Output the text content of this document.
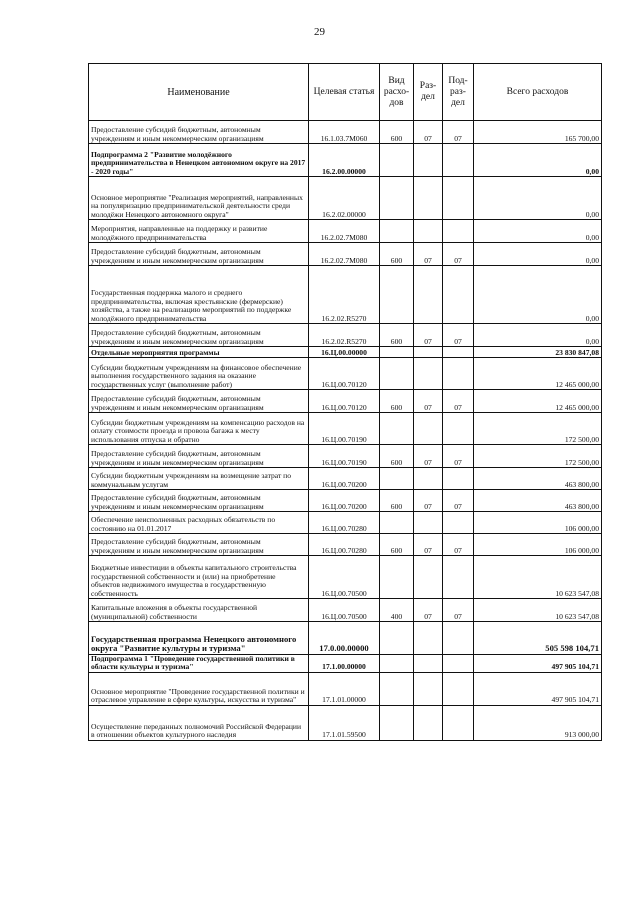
29
Наименование	Целевая статья	Вид расхо-дов	Раз-дел	Под-раз-дел	Всего расходов
Предоставление субсидий бюджетным, автономным учреждениям и иным некоммерческим организациям	16.1.03.7М060	600	07	07	165 700,00
Подпрограмма 2 "Развитие молодёжного предпринимательства в Ненецком автономном округе на 2017 - 2020 годы"	16.2.00.00000				0,00
Основное мероприятие "Реализация мероприятий, направленных на популяризацию предпринимательской деятельности среди молодёжи Ненецкого автономного округа"	16.2.02.00000				0,00
Мероприятия, направленные на поддержку и развитие молодёжного предпринимательства	16.2.02.7М080				0,00
Предоставление субсидий бюджетным, автономным учреждениям и иным некоммерческим организациям	16.2.02.7М080	600	07	07	0,00
Государственная поддержка малого и среднего предпринимательства, включая крестьянские (фермерские) хозяйства, а также на реализацию мероприятий по поддержке молодёжного предпринимательства	16.2.02.R5270				0,00
Предоставление субсидий бюджетным, автономным учреждениям и иным некоммерческим организациям	16.2.02.R5270	600	07	07	0,00
Отдельные мероприятия программы	16.Ц.00.00000				23 830 847,08
Субсидии бюджетным учреждениям на финансовое обеспечение выполнения государственного задания на оказание государственных услуг (выполнение работ)	16.Ц.00.70120				12 465 000,00
Предоставление субсидий бюджетным, автономным учреждениям и иным некоммерческим организациям	16.Ц.00.70120	600	07	07	12 465 000,00
Субсидии бюджетным учреждениям на компенсацию расходов на оплату стоимости проезда и провоза багажа к месту использования отпуска и обратно	16.Ц.00.70190				172 500,00
Предоставление субсидий бюджетным, автономным учреждениям и иным некоммерческим организациям	16.Ц.00.70190	600	07	07	172 500,00
Субсидии бюджетным учреждениям на возмещение затрат по коммунальным услугам	16.Ц.00.70200				463 800,00
Предоставление субсидий бюджетным, автономным учреждениям и иным некоммерческим организациям	16.Ц.00.70200	600	07	07	463 800,00
Обеспечение неисполненных расходных обязательств по состоянию на 01.01.2017	16.Ц.00.70280				106 000,00
Предоставление субсидий бюджетным, автономным учреждениям и иным некоммерческим организациям	16.Ц.00.70280	600	07	07	106 000,00
Бюджетные инвестиции в объекты капитального строительства государственной собственности и (или) на приобретение объектов недвижимого имущества в государственную собственность	16.Ц.00.70500				10 623 547,08
Капитальные вложения в объекты государственной (муниципальной) собственности	16.Ц.00.70500	400	07	07	10 623 547,08
Государственная программа Ненецкого автономного округа "Развитие культуры и туризма"	17.0.00.00000				505 598 104,71
Подпрограмма 1 "Проведение государственной политики в области культуры и туризма"	17.1.00.00000				497 905 104,71
Основное мероприятие "Проведение государственной политики и отраслевое управление в сфере культуры, искусства и туризма"	17.1.01.00000				497 905 104,71
Осуществление переданных полномочий Российской Федерации в отношении объектов культурного наследия	17.1.01.59500				913 000,00
